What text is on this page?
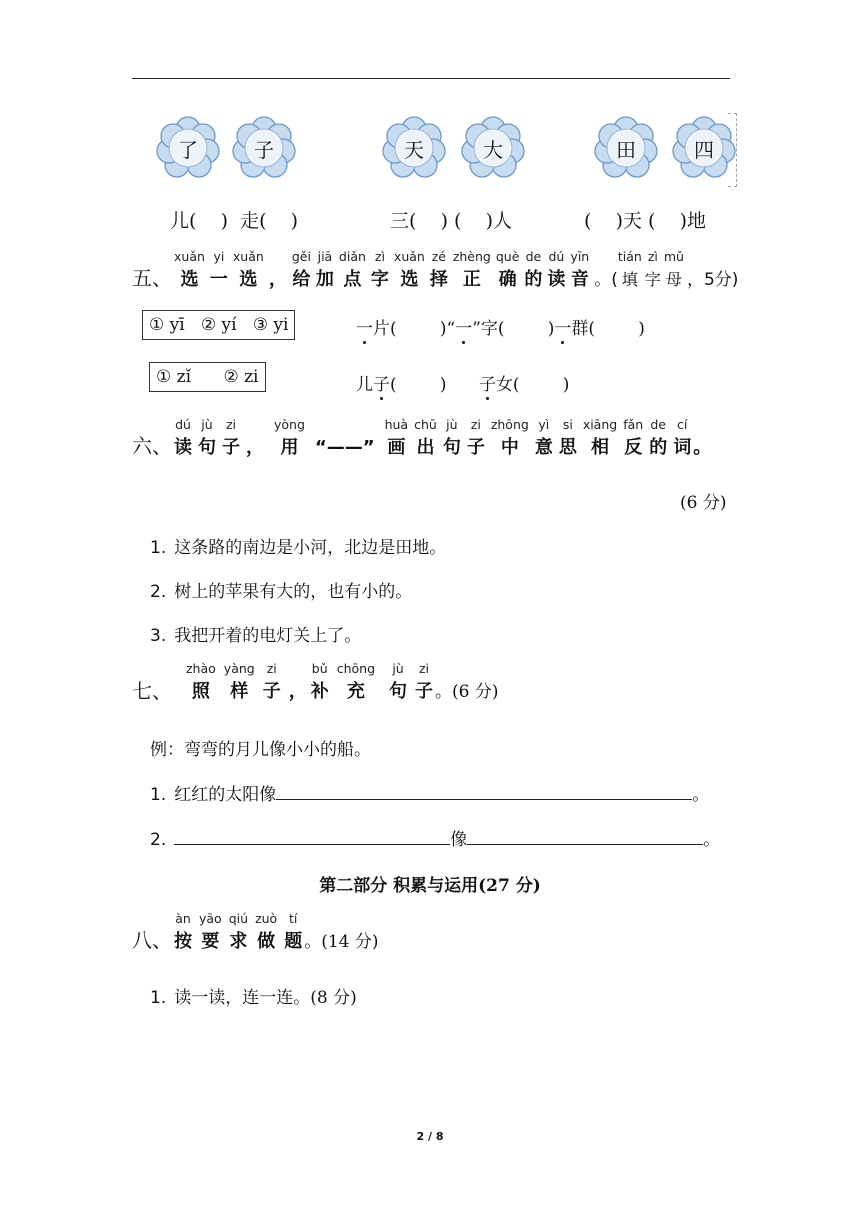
了	子	天	大	田	四
儿(    )  走(    )	三(    ) (    )人	(    )天 (    )地
五、
xuǎn
选
yi
一
xuǎn
选 ，
gěi
给
jiā
加
diǎn
点
zì
字
xuǎn
选
zé
择
zhèng
正
què
确
de
的
dú
读
yīn
音 。(
tián
填
zì
字
mǔ
母 ，5分)
① yī   ② yí   ③ yi
① zǐ      ② zi
一片(        )“一”字(        )一群(        )
儿子(        ) 子女(        )
六、
dú
读
jù
句
zi
子 ，
yòng
用 “——”
huà
画
chū
出
jù
句
zi
子
zhōng
中
yì
意
si
思
xiāng
相
fǎn
反
de
的
cí
词 。
(6 分)
1. 这条路的南边是小河，北边是田地。
2. 树上的苹果有大的，也有小的。
3. 我把开着的电灯关上了。
七、
zhào
照
yàng
样
zi
子 ，
bǔ
补
chōng
充
jù
句
zi
子 。(6 分)
例：弯弯的月儿像小小的船。
1. 红红的太阳像	。
2.	像	。
第二部分 积累与运用(27 分)
八、
àn
按
yāo
要
qiú
求
zuò
做
tí
题 。(14 分)
1. 读一读，连一连。(8 分)
2 / 8
